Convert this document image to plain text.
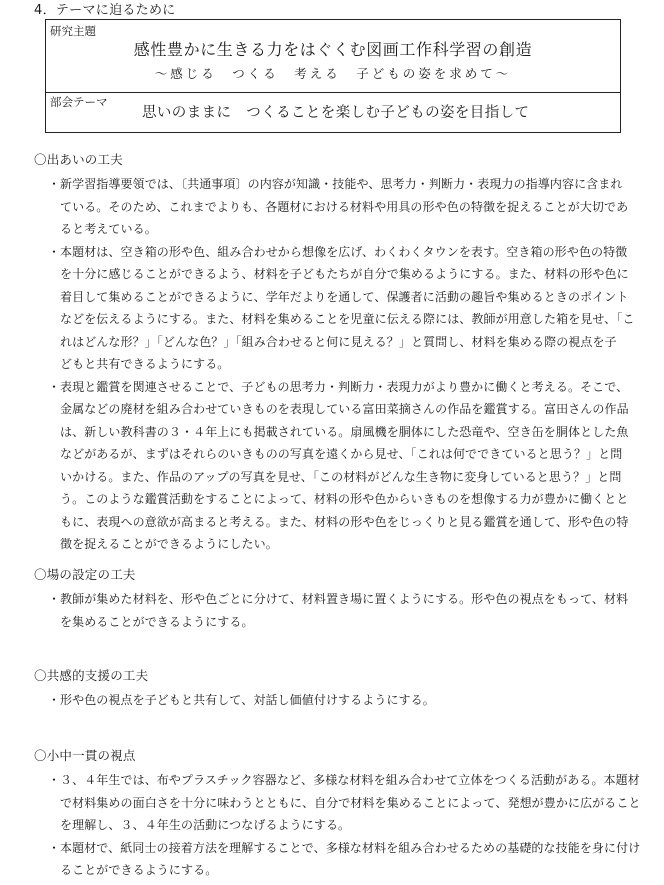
4．テーマに迫るために
研究主題
感性豊かに生きる力をはぐくむ図画工作科学習の創造
～感じる　つくる　考える　子どもの姿を求めて～
部会テーマ
思いのままに　つくることを楽しむ子どもの姿を目指して
〇出あいの工夫
・ 新学習指導要領では、〔共通事項〕の内容が知識・技能や、思考力・判断力・表現力の指導内容に含まれ
ている。そのため、これまでよりも、各題材における材料や用具の形や色の特徴を捉えることが大切であ
ると考えている。
・ 本題材は、空き箱の形や色、組み合わせから想像を広げ、わくわくタウンを表す。空き箱の形や色の特徴
を十分に感じることができるよう、材料を子どもたちが自分で集めるようにする。また、材料の形や色に
着目して集めることができるように、学年だよりを通して、保護者に活動の趣旨や集めるときのポイント
などを伝えるようにする。また、材料を集めることを児童に伝える際には、教師が用意した箱を見せ、「こ
れはどんな形？」「どんな色？」「組み合わせると何に見える？」と質問し、材料を集める際の視点を子
どもと共有できるようにする。
・ 表現と鑑賞を関連させることで、子どもの思考力・判断力・表現力がより豊かに働くと考える。そこで、
金属などの廃材を組み合わせていきものを表現している富田菜摘さんの作品を鑑賞する。富田さんの作品
は、新しい教科書の３・４年上にも掲載されている。扇風機を胴体にした恐竜や、空き缶を胴体とした魚
などがあるが、まずはそれらのいきものの写真を遠くから見せ、「これは何でできていると思う？」と問
いかける。また、作品のアップの写真を見せ、「この材料がどんな生き物に変身していると思う？」と問
う。このような鑑賞活動をすることによって、材料の形や色からいきものを想像する力が豊かに働くとと
もに、表現への意欲が高まると考える。また、材料の形や色をじっくりと見る鑑賞を通して、形や色の特
徴を捉えることができるようにしたい。
〇場の設定の工夫
・ 教師が集めた材料を、形や色ごとに分けて、材料置き場に置くようにする。形や色の視点をもって、材料
を集めることができるようにする。
〇共感的支援の工夫
・ 形や色の視点を子どもと共有して、対話し価値付けするようにする。
〇小中一貫の視点
・ ３、４年生では、布やプラスチック容器など、多様な材料を組み合わせて立体をつくる活動がある。本題材
で材料集めの面白さを十分に味わうとともに、自分で材料を集めることによって、発想が豊かに広がること
を理解し、３、４年生の活動につなげるようにする。
・ 本題材で、紙同士の接着方法を理解することで、多様な材料を組み合わせるための基礎的な技能を身に付け
ることができるようにする。
